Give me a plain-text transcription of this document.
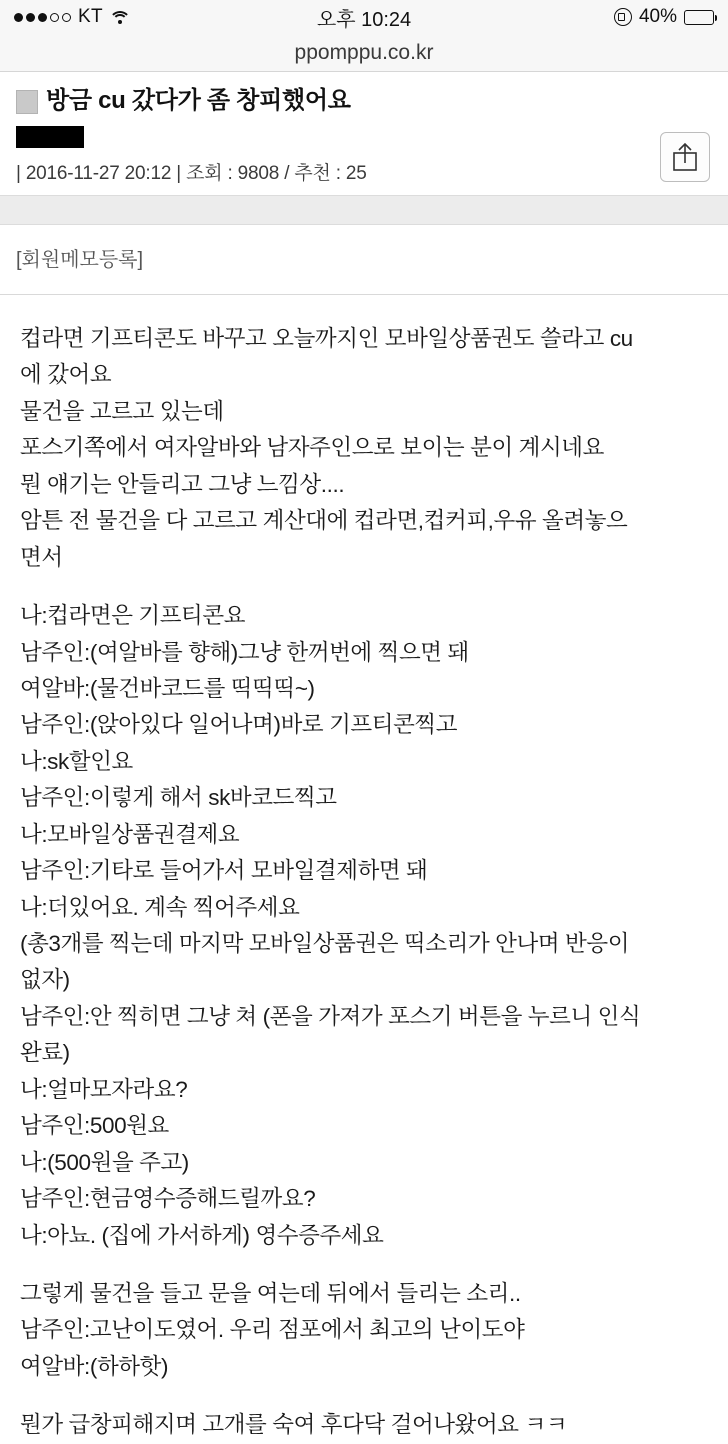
KT	오후 10:24	40%
ppomppu.co.kr
방금 cu 갔다가 좀 창피했어요
| 2016-11-27 20:12 | 조회 : 9808 / 추천 : 25
[회원메모등록]
컵라면 기프티콘도 바꾸고 오늘까지인 모바일상품권도 쓸라고 cu
에 갔어요
물건을 고르고 있는데
포스기쪽에서 여자알바와 남자주인으로 보이는 분이 계시네요
뭔 얘기는 안들리고 그냥 느낌상....
암튼 전 물건을 다 고르고 계산대에 컵라면,컵커피,우유 올려놓으
면서
나:컵라면은 기프티콘요
남주인:(여알바를 향해)그냥 한꺼번에 찍으면 돼
여알바:(물건바코드를 띡띡띡~)
남주인:(앉아있다 일어나며)바로 기프티콘찍고
나:sk할인요
남주인:이렇게 해서 sk바코드찍고
나:모바일상품권결제요
남주인:기타로 들어가서 모바일결제하면 돼
나:더있어요. 계속 찍어주세요
(총3개를 찍는데 마지막 모바일상품권은 띡소리가 안나며 반응이
없자)
남주인:안 찍히면 그냥 쳐 (폰을 가져가 포스기 버튼을 누르니 인식
완료)
나:얼마모자라요?
남주인:500원요
나:(500원을 주고)
남주인:현금영수증해드릴까요?
나:아뇨. (집에 가서하게) 영수증주세요
그렇게 물건을 들고 문을 여는데 뒤에서 들리는 소리..
남주인:고난이도였어. 우리 점포에서 최고의 난이도야
여알바:(하하핫)
뭔가 급창피해지며 고개를 숙여 후다닥 걸어나왔어요 ㅋㅋ
